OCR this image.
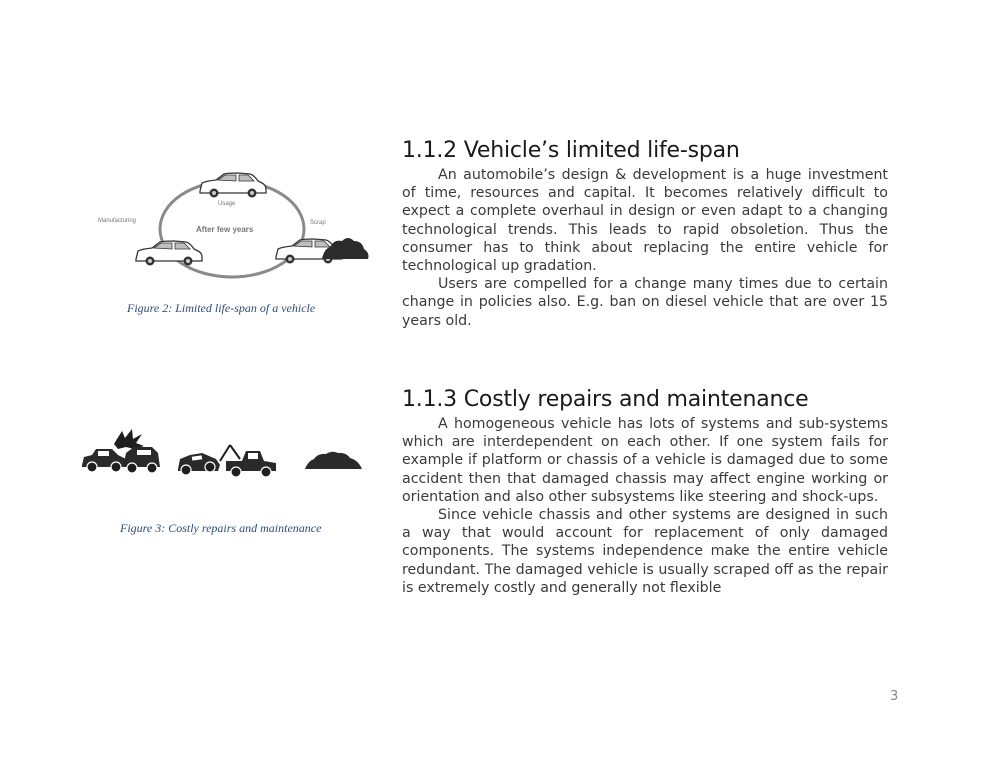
1.1.2 Vehicle’s limited life-span

An automobile’s design & development is a huge investment of time, resources and capital. It becomes relatively difficult to expect a complete overhaul in design or even adapt to a changing technological trends. This leads to rapid obsoletion. Thus the consumer has to think about replacing the entire vehicle for technological up gradation.

Users are compelled for a change many times due to certain change in policies also. E.g. ban on diesel vehicle that are over 15 years old.

Usage
Manufacturing	Scrap
After few years
Figure 2: Limited life-span of a vehicle
1.1.3 Costly repairs and maintenance

A homogeneous vehicle has lots of systems and sub-systems which are interdependent on each other. If one system fails for example if platform or chassis of a vehicle is damaged due to some accident then that damaged chassis may affect engine working or orientation and also other subsystems like steering and shock-ups.

Since vehicle chassis and other systems are designed in such a way that would account for replacement of only damaged components. The systems independence make the entire vehicle redundant. The damaged vehicle is usually scraped off as the repair is extremely costly and generally not flexible

Figure 3: Costly repairs and maintenance
3
